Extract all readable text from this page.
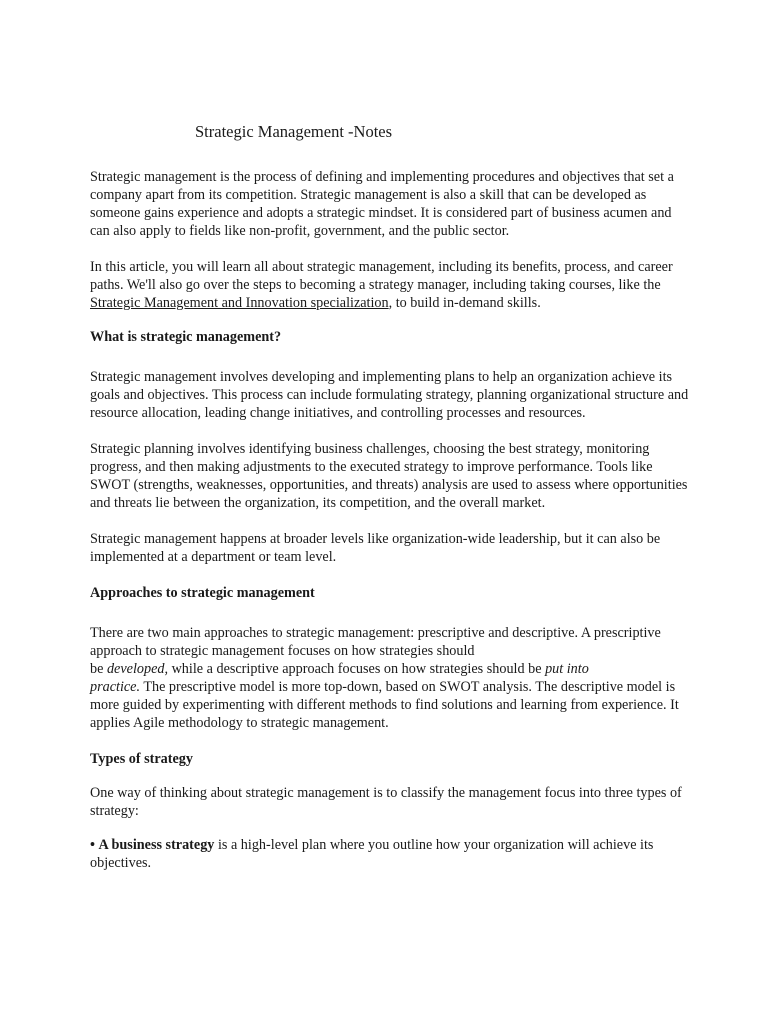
Strategic Management -Notes

Strategic management is the process of defining and implementing procedures and objectives that set a company apart from its competition. Strategic management is also a skill that can be developed as someone gains experience and adopts a strategic mindset. It is considered part of business acumen and can also apply to fields like non-profit, government, and the public sector.

In this article, you will learn all about strategic management, including its benefits, process, and career paths. We'll also go over the steps to becoming a strategy manager, including taking courses, like the Strategic Management and Innovation specialization, to build in-demand skills.

What is strategic management?

Strategic management involves developing and implementing plans to help an organization achieve its goals and objectives. This process can include formulating strategy, planning organizational structure and resource allocation, leading change initiatives, and controlling processes and resources.

Strategic planning involves identifying business challenges, choosing the best strategy, monitoring progress, and then making adjustments to the executed strategy to improve performance. Tools like SWOT (strengths, weaknesses, opportunities, and threats) analysis are used to assess where opportunities and threats lie between the organization, its competition, and the overall market.

Strategic management happens at broader levels like organization-wide leadership, but it can also be implemented at a department or team level.

Approaches to strategic management

There are two main approaches to strategic management: prescriptive and descriptive. A prescriptive approach to strategic management focuses on how strategies should
be developed, while a descriptive approach focuses on how strategies should be put into
practice. The prescriptive model is more top-down, based on SWOT analysis. The descriptive model is more guided by experimenting with different methods to find solutions and learning from experience. It applies Agile methodology to strategic management.

Types of strategy

One way of thinking about strategic management is to classify the management focus into three types of strategy:

• A business strategy is a high-level plan where you outline how your organization will achieve its objectives.
